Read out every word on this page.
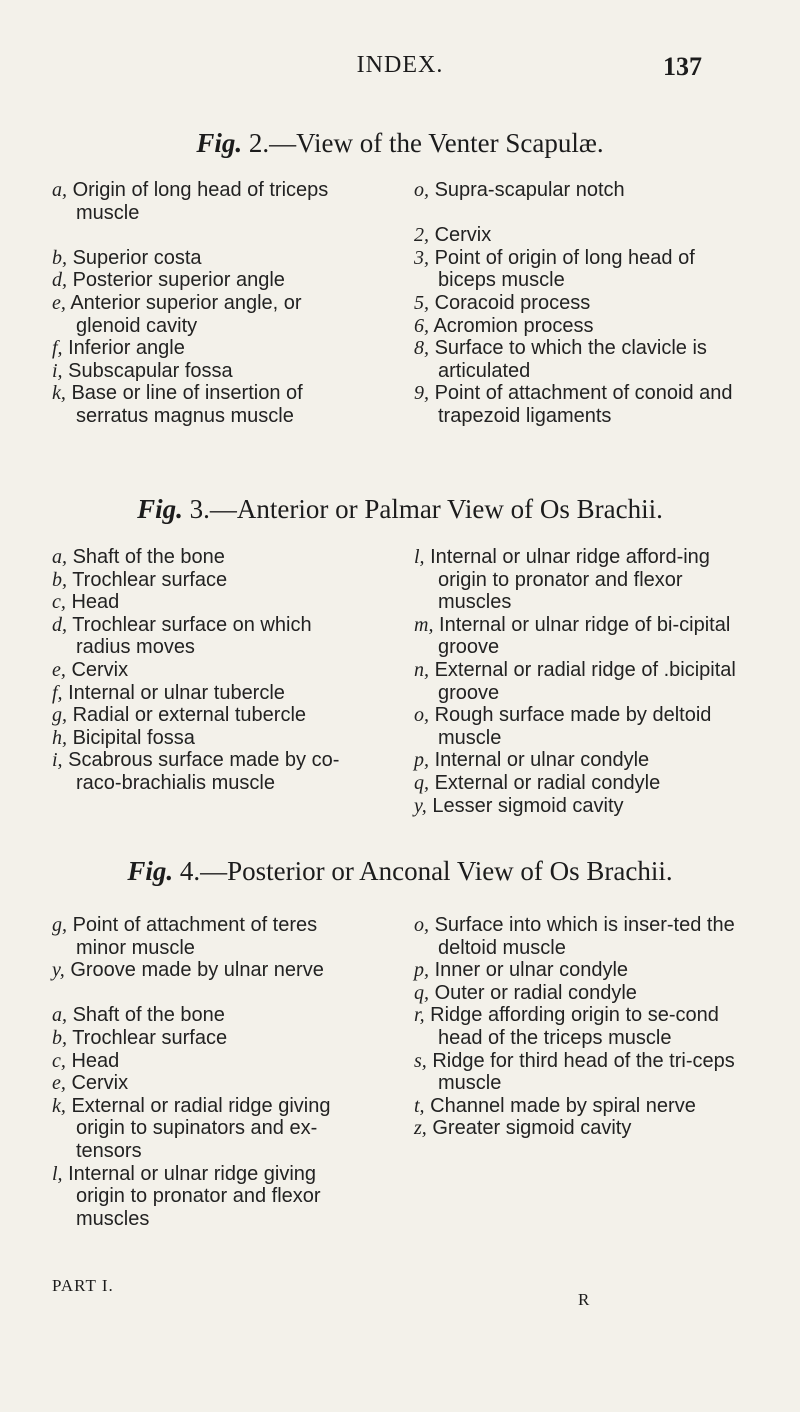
INDEX.	137
Fig. 2.—View of the Venter Scapulæ.

a, Origin of long head of triceps muscle

b, Superior costa

d, Posterior superior angle

e, Anterior superior angle, or glenoid cavity

f, Inferior angle

i, Subscapular fossa

k, Base or line of insertion of serratus magnus muscle

o, Supra-scapular notch

2, Cervix

3, Point of origin of long head of biceps muscle

5, Coracoid process

6, Acromion process

8, Surface to which the clavicle is articulated

9, Point of attachment of conoid and trapezoid ligaments

Fig. 3.—Anterior or Palmar View of Os Brachii.

a, Shaft of the bone

b, Trochlear surface

c, Head

d, Trochlear surface on which radius moves

e, Cervix

f, Internal or ulnar tubercle

g, Radial or external tubercle

h, Bicipital fossa

i, Scabrous surface made by co-raco-brachialis muscle

l, Internal or ulnar ridge afford-ing origin to pronator and flexor muscles

m, Internal or ulnar ridge of bi-cipital groove

n, External or radial ridge of .bicipital groove

o, Rough surface made by deltoid muscle

p, Internal or ulnar condyle

q, External or radial condyle

y, Lesser sigmoid cavity

Fig. 4.—Posterior or Anconal View of Os Brachii.

g, Point of attachment of teres minor muscle

y, Groove made by ulnar nerve

a, Shaft of the bone

b, Trochlear surface

c, Head

e, Cervix

k, External or radial ridge giving origin to supinators and ex-tensors

l, Internal or ulnar ridge giving origin to pronator and flexor muscles

o, Surface into which is inser-ted the deltoid muscle

p, Inner or ulnar condyle

q, Outer or radial condyle

r, Ridge affording origin to se-cond head of the triceps muscle

s, Ridge for third head of the tri-ceps muscle

t, Channel made by spiral nerve

z, Greater sigmoid cavity

PART I.
R
